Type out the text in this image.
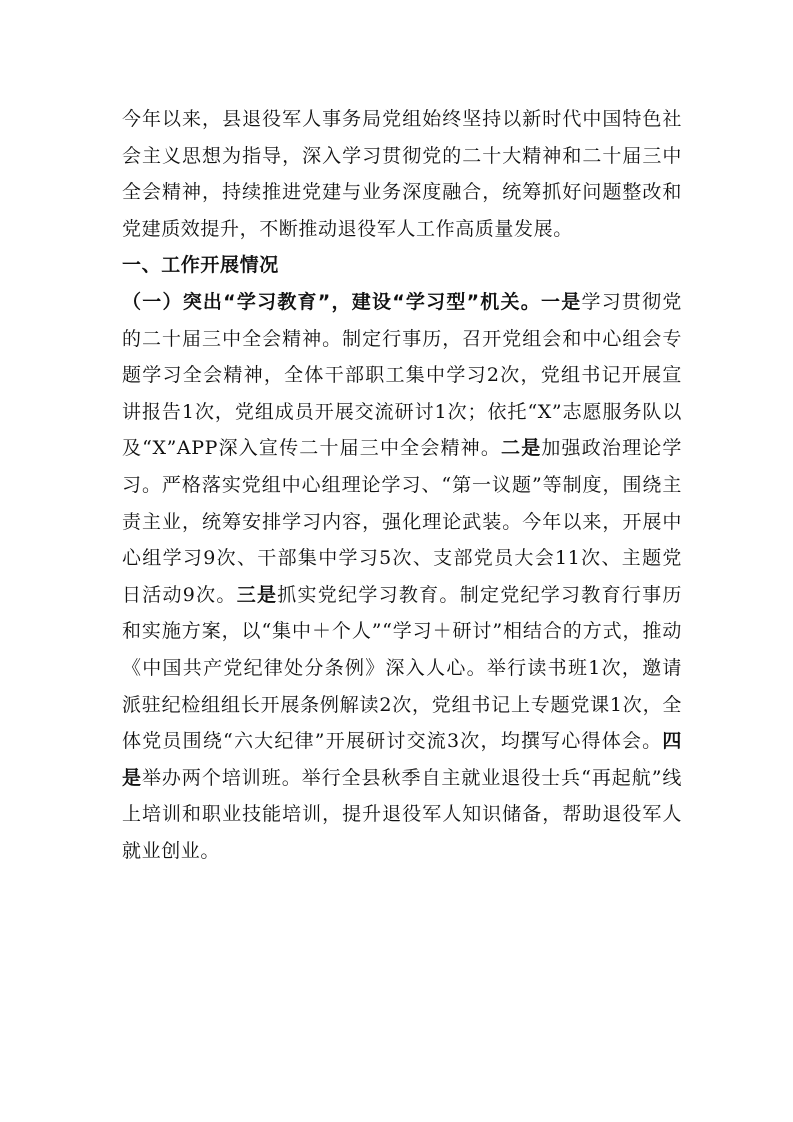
今年以来，县退役军人事务局党组始终坚持以新时代中国特色社会主义思想为指导，深入学习贯彻党的二十大精神和二十届三中全会精神，持续推进党建与业务深度融合，统筹抓好问题整改和党建质效提升，不断推动退役军人工作高质量发展。

一、工作开展情况

（一）突出“学习教育”，建设“学习型”机关。一是学习贯彻党的二十届三中全会精神。制定行事历，召开党组会和中心组会专题学习全会精神，全体干部职工集中学习2次，党组书记开展宣讲报告1次，党组成员开展交流研讨1次；依托“X”志愿服务队以及“X”APP深入宣传二十届三中全会精神。二是加强政治理论学习。严格落实党组中心组理论学习、“第一议题”等制度，围绕主责主业，统筹安排学习内容，强化理论武装。今年以来，开展中心组学习9次、干部集中学习5次、支部党员大会11次、主题党日活动9次。三是抓实党纪学习教育。制定党纪学习教育行事历和实施方案，以“集中＋个人”“学习＋研讨”相结合的方式，推动《中国共产党纪律处分条例》深入人心。举行读书班1次，邀请派驻纪检组组长开展条例解读2次，党组书记上专题党课1次，全体党员围绕“六大纪律”开展研讨交流3次，均撰写心得体会。四是举办两个培训班。举行全县秋季自主就业退役士兵“再起航”线上培训和职业技能培训，提升退役军人知识储备，帮助退役军人就业创业。
